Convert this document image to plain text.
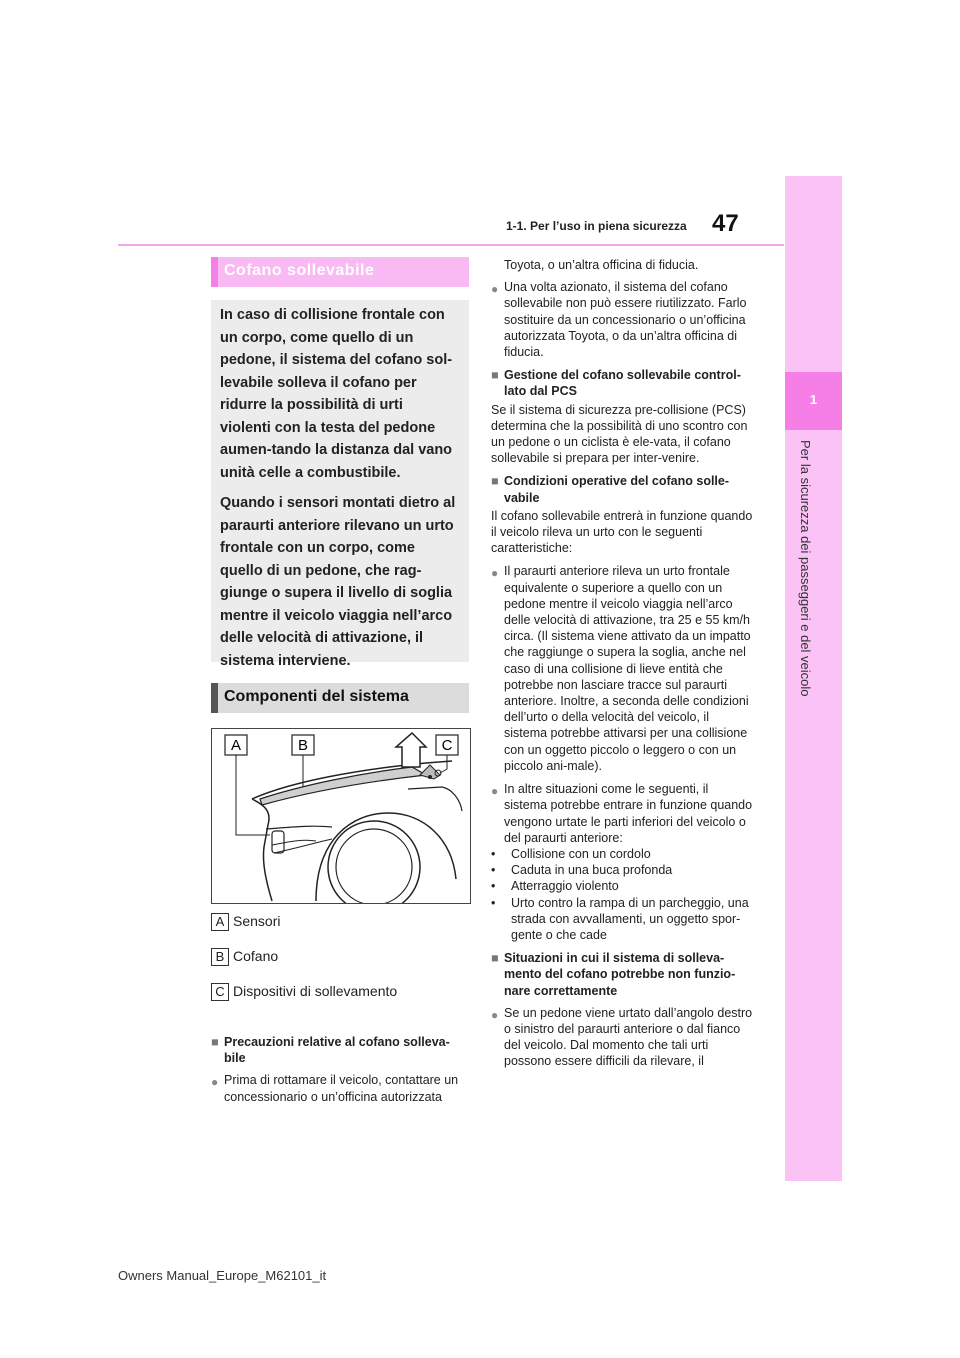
47
1-1. Per l’uso in piena sicurezza
1
Per la sicurezza dei passeggeri e del veicolo
Cofano sollevabile

In caso di collisione frontale con un corpo, come quello di un pedone, il sistema del cofano sol-levabile solleva il cofano per ridurre la possibilità di urti violenti con la testa del pedone aumen-tando la distanza dal vano unità celle a combustibile.

Quando i sensori montati dietro al paraurti anteriore rilevano un urto frontale con un corpo, come quello di un pedone, che rag-giunge o supera il livello di soglia mentre il veicolo viaggia nell’arco delle velocità di attivazione, il sistema interviene.

Componenti del sistema
A	B	C
A Sensori
B Cofano
C Dispositivi di sollevamento
■ Precauzioni relative al cofano solleva-bile
● Prima di rottamare il veicolo, contattare un concessionario o un’officina autorizzata

Toyota, o un’altra officina di fiducia.

● Una volta azionato, il sistema del cofano sollevabile non può essere riutilizzato. Farlo sostituire da un concessionario o un’officina autorizzata Toyota, o da un’altra officina di fiducia.
■ Gestione del cofano sollevabile control-lato dal PCS
Se il sistema di sicurezza pre-collisione (PCS) determina che la possibilità di uno scontro con un pedone o un ciclista è ele-vata, il cofano sollevabile si prepara per inter-venire.
■ Condizioni operative del cofano solle-vabile
Il cofano sollevabile entrerà in funzione quando il veicolo rileva un urto con le seguenti caratteristiche:
● Il paraurti anteriore rileva un urto frontale equivalente o superiore a quello con un pedone mentre il veicolo viaggia nell’arco delle velocità di attivazione, tra 25 e 55 km/h circa. (Il sistema viene attivato da un impatto che raggiunge o supera la soglia, anche nel caso di una collisione di lieve entità che potrebbe non lasciare tracce sul paraurti anteriore. Inoltre, a seconda delle condizioni dell’urto o della velocità del veicolo, il sistema potrebbe attivarsi per una collisione con un oggetto piccolo o leggero o con un piccolo ani-male).
● In altre situazioni come le seguenti, il sistema potrebbe entrare in funzione quando vengono urtate le parti inferiori del veicolo o del paraurti anteriore:
• Collisione con un cordolo
• Caduta in una buca profonda
• Atterraggio violento
• Urto contro la rampa di un parcheggio, una strada con avvallamenti, un oggetto spor-gente o che cade
■ Situazioni in cui il sistema di solleva-mento del cofano potrebbe non funzio-nare correttamente
● Se un pedone viene urtato dall’angolo destro o sinistro del paraurti anteriore o dal fianco del veicolo. Dal momento che tali urti possono essere difficili da rilevare, il
Owners Manual_Europe_M62101_it
